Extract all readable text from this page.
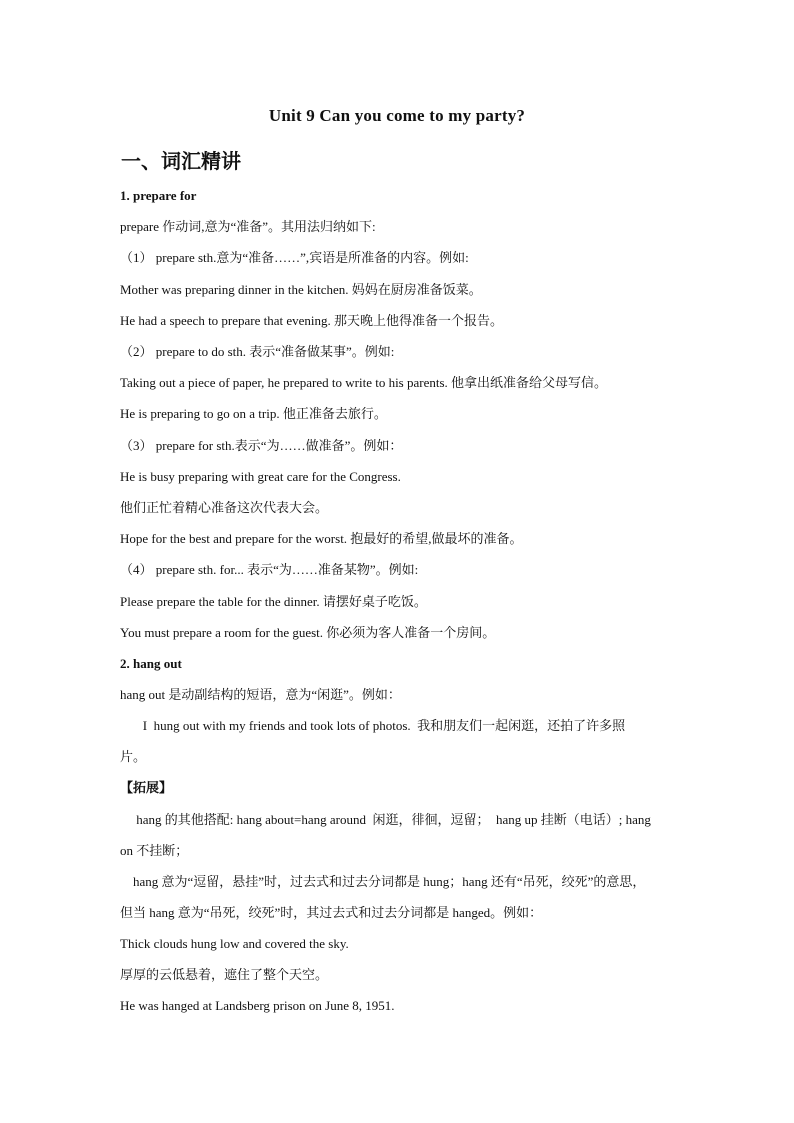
Unit 9 Can you come to my party?
一、词汇精讲
1. prepare for
prepare 作动词,意为“准备”。其用法归纳如下:
（1） prepare sth.意为“准备……”,宾语是所准备的内容。例如:
Mother was preparing dinner in the kitchen. 妈妈在厨房准备饭菜。
He had a speech to prepare that evening. 那天晚上他得准备一个报告。
（2） prepare to do sth. 表示“准备做某事”。例如:
Taking out a piece of paper, he prepared to write to his parents. 他拿出纸准备给父母写信。
He is preparing to go on a trip. 他正准备去旅行。
（3） prepare for sth.表示“为……做准备”。例如：
He is busy preparing with great care for the Congress.
他们正忙着精心准备这次代表大会。
Hope for the best and prepare for the worst. 抱最好的希望,做最坏的准备。
（4） prepare sth. for... 表示“为……准备某物”。例如:
Please prepare the table for the dinner. 请摆好桌子吃饭。
You must prepare a room for the guest. 你必须为客人准备一个房间。
2. hang out
hang out 是动副结构的短语，意为“闲逛”。例如：
I  hung out with my friends and took lots of photos.  我和朋友们一起闲逛，还拍了许多照
片。
【拓展】
hang 的其他搭配: hang about=hang around  闲逛，徘徊，逗留；  hang up 挂断（电话）; hang
on 不挂断；
hang 意为“逗留，悬挂”时，过去式和过去分词都是 hung；hang 还有“吊死，绞死”的意思，
但当 hang 意为“吊死，绞死”时，其过去式和过去分词都是 hanged。例如：
Thick clouds hung low and covered the sky.
厚厚的云低悬着，遮住了整个天空。
He was hanged at Landsberg prison on June 8, 1951.
